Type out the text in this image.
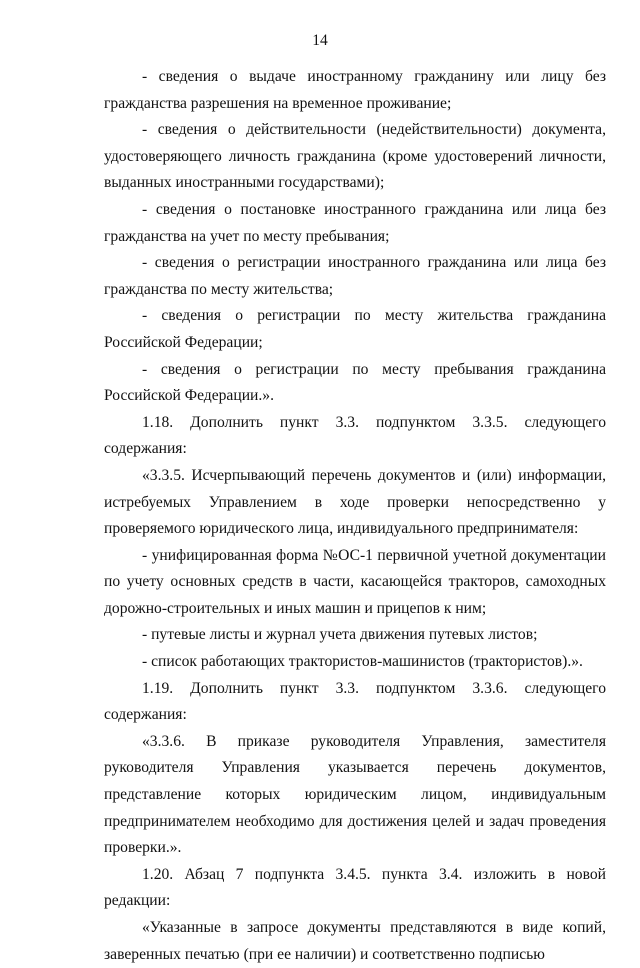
14

- сведения о выдаче иностранному гражданину или лицу без гражданства разрешения на временное проживание;

- сведения о действительности (недействительности) документа, удостоверяющего личность гражданина (кроме удостоверений личности, выданных иностранными государствами);

- сведения о постановке иностранного гражданина или лица без гражданства на учет по месту пребывания;

- сведения о регистрации иностранного гражданина или лица без гражданства по месту жительства;

- сведения о регистрации по месту жительства гражданина Российской Федерации;

- сведения о регистрации по месту пребывания гражданина Российской Федерации.».

1.18. Дополнить пункт 3.3. подпунктом 3.3.5. следующего содержания:

«3.3.5. Исчерпывающий перечень документов и (или) информации, истребуемых Управлением в ходе проверки непосредственно у проверяемого юридического лица, индивидуального предпринимателя:

- унифицированная форма №ОС-1 первичной учетной документации по учету основных средств в части, касающейся тракторов, самоходных дорожно-строительных и иных машин и прицепов к ним;

- путевые листы и журнал учета движения путевых листов;

- список работающих трактористов-машинистов (трактористов).».

1.19. Дополнить пункт 3.3. подпунктом 3.3.6. следующего содержания:

«3.3.6. В приказе руководителя Управления, заместителя руководителя Управления указывается перечень документов, представление которых юридическим лицом, индивидуальным предпринимателем необходимо для достижения целей и задач проведения проверки.».

1.20. Абзац 7 подпункта 3.4.5. пункта 3.4. изложить в новой редакции:

«Указанные в запросе документы представляются в виде копий, заверенных печатью (при ее наличии) и соответственно подписью
